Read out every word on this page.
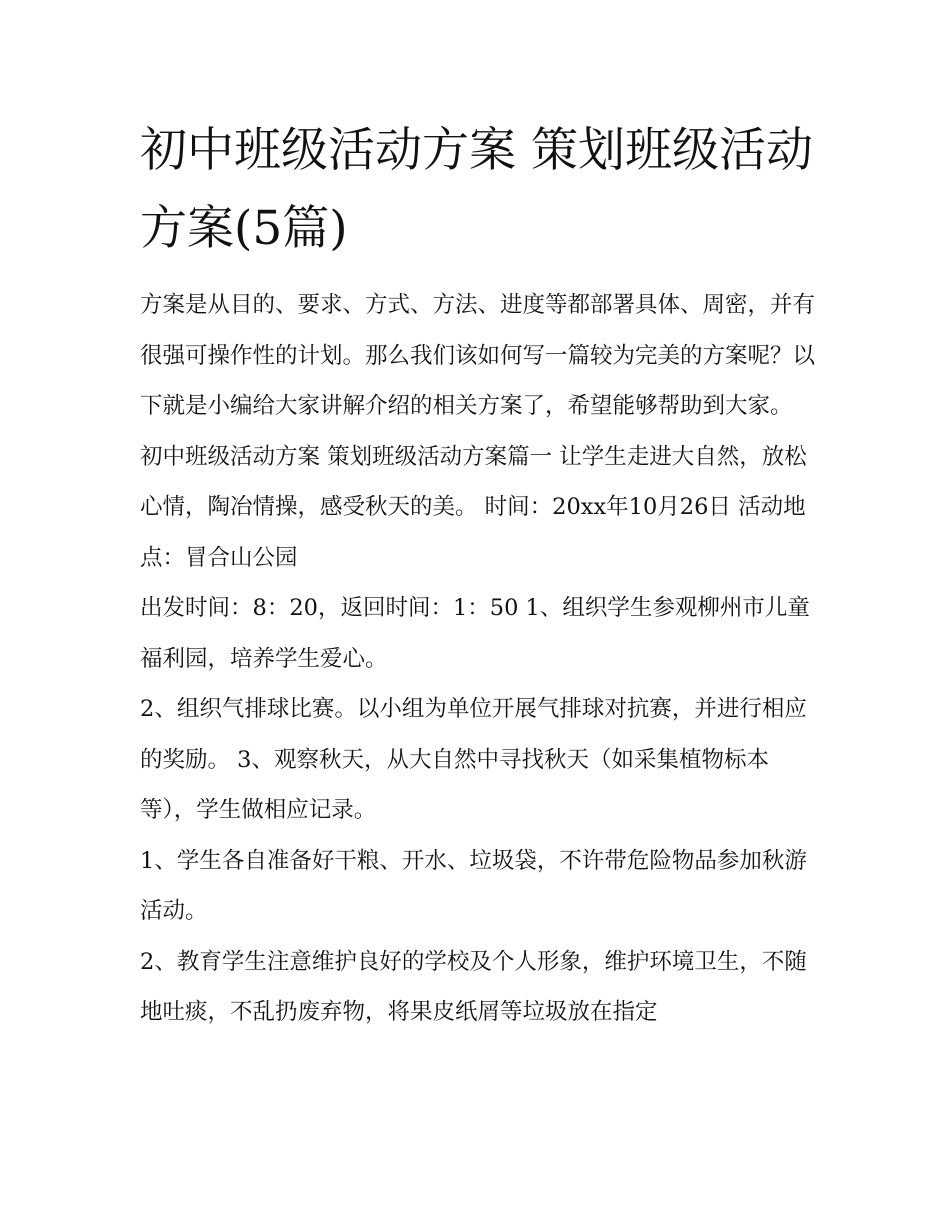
初中班级活动方案 策划班级活动方案(5篇)

方案是从目的、要求、方式、方法、进度等都部署具体、周密，并有很强可操作性的计划。那么我们该如何写一篇较为完美的方案呢？以下就是小编给大家讲解介绍的相关方案了，希望能够帮助到大家。

初中班级活动方案 策划班级活动方案篇一 让学生走进大自然，放松心情，陶冶情操，感受秋天的美。 时间：20xx年10月26日 活动地点：冒合山公园

出发时间：8：20，返回时间：1：50 1、组织学生参观柳州市儿童福利园，培养学生爱心。

2、组织气排球比赛。以小组为单位开展气排球对抗赛，并进行相应的奖励。 3、观察秋天，从大自然中寻找秋天（如采集植物标本等），学生做相应记录。

1、学生各自准备好干粮、开水、垃圾袋，不许带危险物品参加秋游活动。

2、教育学生注意维护良好的学校及个人形象，维护环境卫生，不随地吐痰，不乱扔废弃物，将果皮纸屑等垃圾放在指定
